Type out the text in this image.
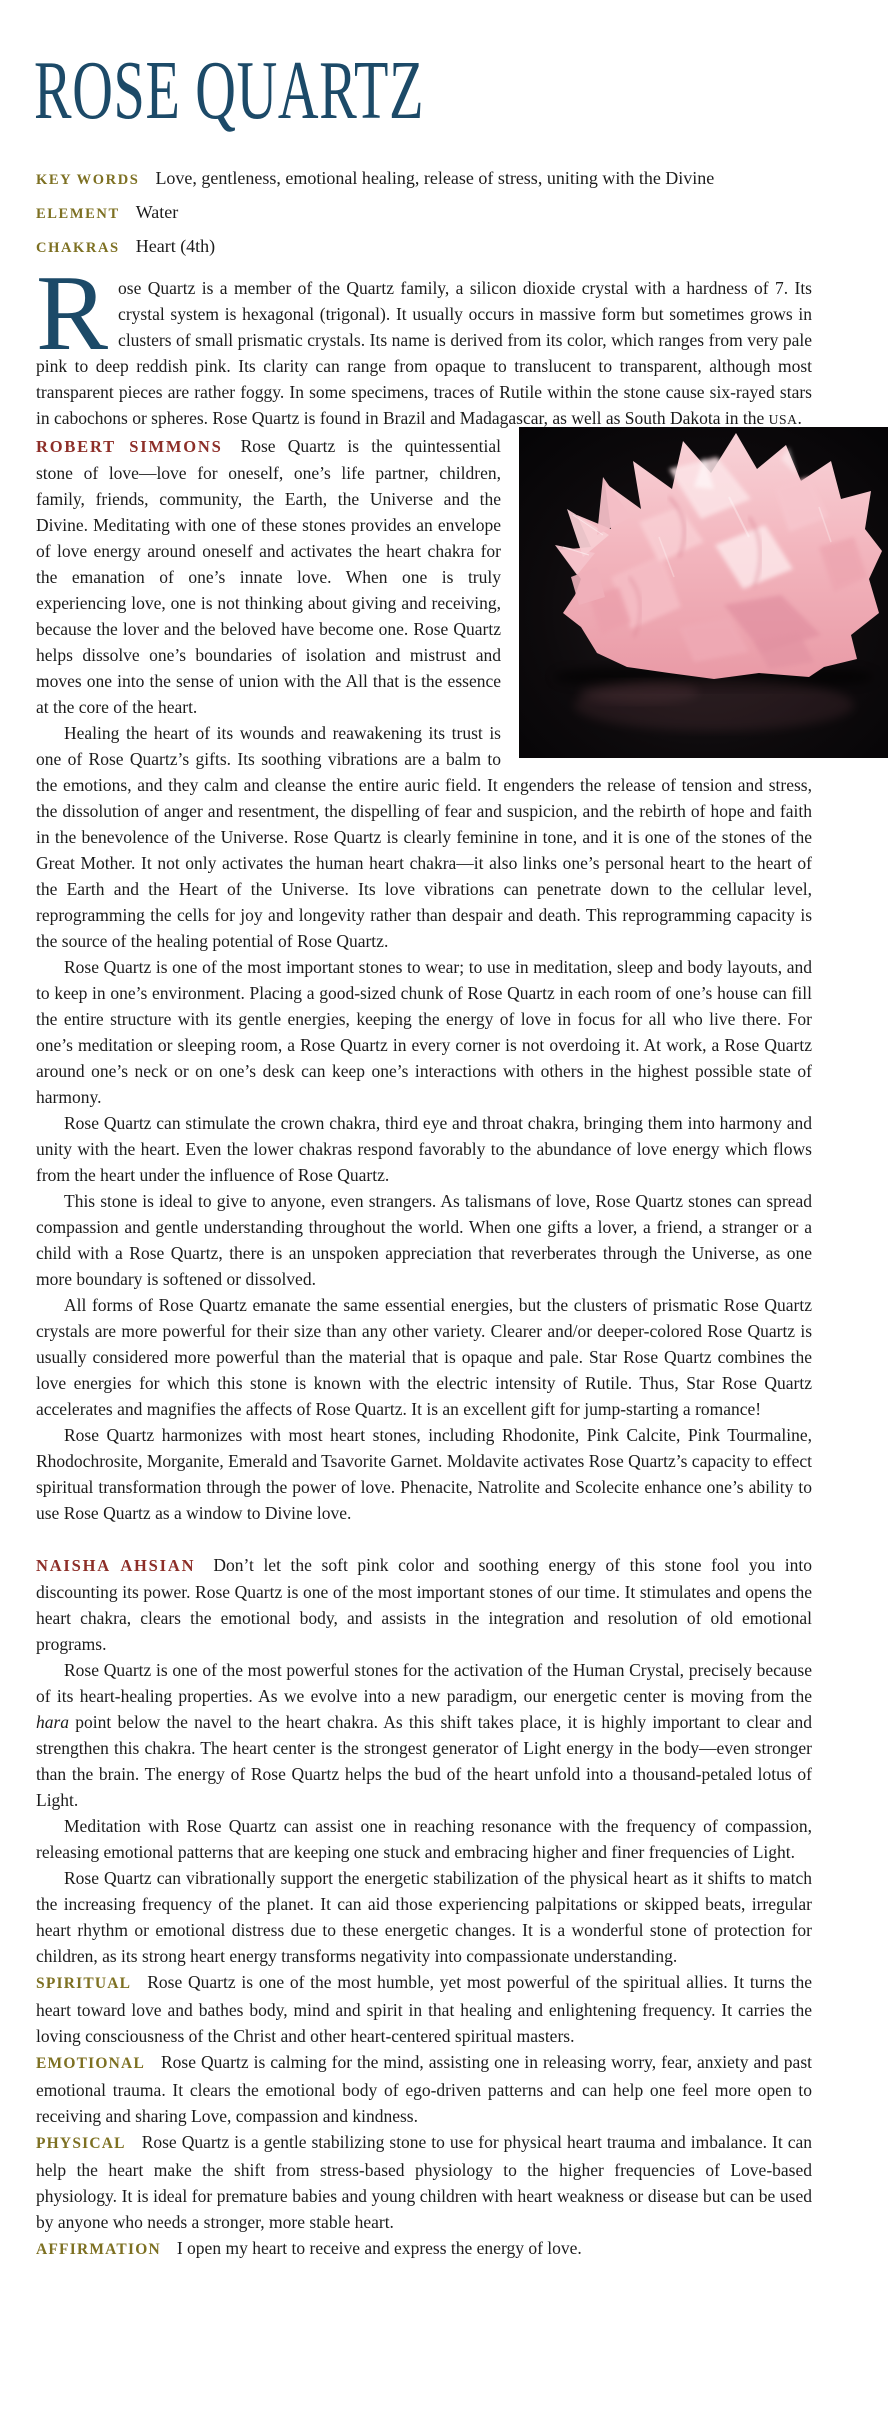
ROSE QUARTZ
KEY WORDS Love, gentleness, emotional healing, release of stress, uniting with the Divine
ELEMENT Water
CHAKRAS Heart (4th)

Rose Quartz is a member of the Quartz family, a silicon dioxide crystal with a hardness of 7. Its crystal system is hexagonal (trigonal). It usually occurs in massive form but sometimes grows in clusters of small prismatic crystals. Its name is derived from its color, which ranges from very pale pink to deep reddish pink. Its clarity can range from opaque to translucent to transparent, although most transparent pieces are rather foggy. In some specimens, traces of Rutile within the stone cause six-rayed stars in cabochons or spheres. Rose Quartz is found in Brazil and Madagascar, as well as South Dakota in the USA.

ROBERT SIMMONS Rose Quartz is the quintessential stone of love—love for oneself, one’s life partner, children, family, friends, community, the Earth, the Universe and the Divine. Meditating with one of these stones provides an envelope of love energy around oneself and activates the heart chakra for the emanation of one’s innate love. When one is truly experiencing love, one is not thinking about giving and receiving, because the lover and the beloved have become one. Rose Quartz helps dissolve one’s boundaries of isolation and mistrust and moves one into the sense of union with the All that is the essence at the core of the heart.

Healing the heart of its wounds and reawakening its trust is one of Rose Quartz’s gifts. Its soothing vibrations are a balm to the emotions, and they calm and cleanse the entire auric field. It engenders the release of tension and stress, the dissolution of anger and resentment, the dispelling of fear and suspicion, and the rebirth of hope and faith in the benevolence of the Universe. Rose Quartz is clearly feminine in tone, and it is one of the stones of the Great Mother. It not only activates the human heart chakra—it also links one’s personal heart to the heart of the Earth and the Heart of the Universe. Its love vibrations can penetrate down to the cellular level, reprogramming the cells for joy and longevity rather than despair and death. This reprogramming capacity is the source of the healing potential of Rose Quartz.

Rose Quartz is one of the most important stones to wear; to use in meditation, sleep and body layouts, and to keep in one’s environment. Placing a good-sized chunk of Rose Quartz in each room of one’s house can fill the entire structure with its gentle energies, keeping the energy of love in focus for all who live there. For one’s meditation or sleeping room, a Rose Quartz in every corner is not overdoing it. At work, a Rose Quartz around one’s neck or on one’s desk can keep one’s interactions with others in the highest possible state of harmony.

Rose Quartz can stimulate the crown chakra, third eye and throat chakra, bringing them into harmony and unity with the heart. Even the lower chakras respond favorably to the abundance of love energy which flows from the heart under the influence of Rose Quartz.

This stone is ideal to give to anyone, even strangers. As talismans of love, Rose Quartz stones can spread compassion and gentle understanding throughout the world. When one gifts a lover, a friend, a stranger or a child with a Rose Quartz, there is an unspoken appreciation that reverberates through the Universe, as one more boundary is softened or dissolved.

All forms of Rose Quartz emanate the same essential energies, but the clusters of prismatic Rose Quartz crystals are more powerful for their size than any other variety. Clearer and/or deeper-colored Rose Quartz is usually considered more powerful than the material that is opaque and pale. Star Rose Quartz combines the love energies for which this stone is known with the electric intensity of Rutile. Thus, Star Rose Quartz accelerates and magnifies the affects of Rose Quartz. It is an excellent gift for jump-starting a romance!

Rose Quartz harmonizes with most heart stones, including Rhodonite, Pink Calcite, Pink Tourmaline, Rhodochrosite, Morganite, Emerald and Tsavorite Garnet. Moldavite activates Rose Quartz’s capacity to effect spiritual transformation through the power of love. Phenacite, Natrolite and Scolecite enhance one’s ability to use Rose Quartz as a window to Divine love.

NAISHA AHSIAN Don’t let the soft pink color and soothing energy of this stone fool you into discounting its power. Rose Quartz is one of the most important stones of our time. It stimulates and opens the heart chakra, clears the emotional body, and assists in the integration and resolution of old emotional programs.

Rose Quartz is one of the most powerful stones for the activation of the Human Crystal, precisely because of its heart-healing properties. As we evolve into a new paradigm, our energetic center is moving from the hara point below the navel to the heart chakra. As this shift takes place, it is highly important to clear and strengthen this chakra. The heart center is the strongest generator of Light energy in the body—even stronger than the brain. The energy of Rose Quartz helps the bud of the heart unfold into a thousand-petaled lotus of Light.

Meditation with Rose Quartz can assist one in reaching resonance with the frequency of compassion, releasing emotional patterns that are keeping one stuck and embracing higher and finer frequencies of Light.

Rose Quartz can vibrationally support the energetic stabilization of the physical heart as it shifts to match the increasing frequency of the planet. It can aid those experiencing palpitations or skipped beats, irregular heart rhythm or emotional distress due to these energetic changes. It is a wonderful stone of protection for children, as its strong heart energy transforms negativity into compassionate understanding.

SPIRITUAL Rose Quartz is one of the most humble, yet most powerful of the spiritual allies. It turns the heart toward love and bathes body, mind and spirit in that healing and enlightening frequency. It carries the loving consciousness of the Christ and other heart-centered spiritual masters.

EMOTIONAL Rose Quartz is calming for the mind, assisting one in releasing worry, fear, anxiety and past emotional trauma. It clears the emotional body of ego-driven patterns and can help one feel more open to receiving and sharing Love, compassion and kindness.

PHYSICAL Rose Quartz is a gentle stabilizing stone to use for physical heart trauma and imbalance. It can help the heart make the shift from stress-based physiology to the higher frequencies of Love-based physiology. It is ideal for premature babies and young children with heart weakness or disease but can be used by anyone who needs a stronger, more stable heart.

AFFIRMATION I open my heart to receive and express the energy of love.
